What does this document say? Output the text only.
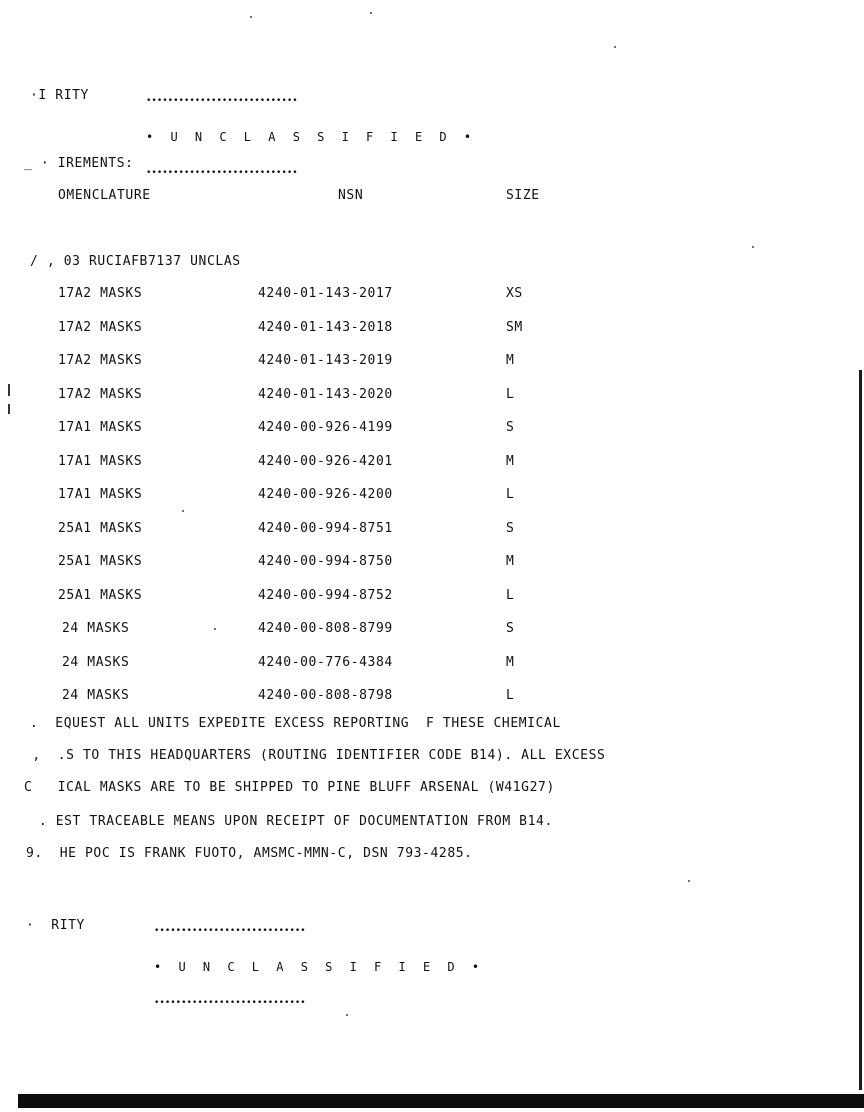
·I RITY

	••••••••••••••••••••••••••••

• U N C L A S S I F I E D •

••••••••••••••••••••••••••••

_ · IREMENTS:
OMENCLATURE	NSN	SIZE
/ , 03 RUCIAFB7137 UNCLAS
17A2 MASKS	4240-01-143-2017	XS
17A2 MASKS	4240-01-143-2018	SM
17A2 MASKS	4240-01-143-2019	M
17A2 MASKS	4240-01-143-2020	L
17A1 MASKS	4240-00-926-4199	S
17A1 MASKS	4240-00-926-4201	M
17A1 MASKS	4240-00-926-4200	L
25A1 MASKS	4240-00-994-8751	S
25A1 MASKS	4240-00-994-8750	M
25A1 MASKS	4240-00-994-8752	L
24 MASKS	4240-00-808-8799	S
24 MASKS	4240-00-776-4384	M
24 MASKS	4240-00-808-8798	L
.  EQUEST ALL UNITS EXPEDITE EXCESS REPORTING  F THESE CHEMICAL
,  .S TO THIS HEADQUARTERS (ROUTING IDENTIFIER CODE B14). ALL EXCESS
C   ICAL MASKS ARE TO BE SHIPPED TO PINE BLUFF ARSENAL (W41G27)
. EST TRACEABLE MEANS UPON RECEIPT OF DOCUMENTATION FROM B14.
9.  HE POC IS FRANK FUOTO, AMSMC-MMN-C, DSN 793-4285.
·  RITY

	••••••••••••••••••••••••••••

• U N C L A S S I F I E D •

••••••••••••••••••••••••••••
